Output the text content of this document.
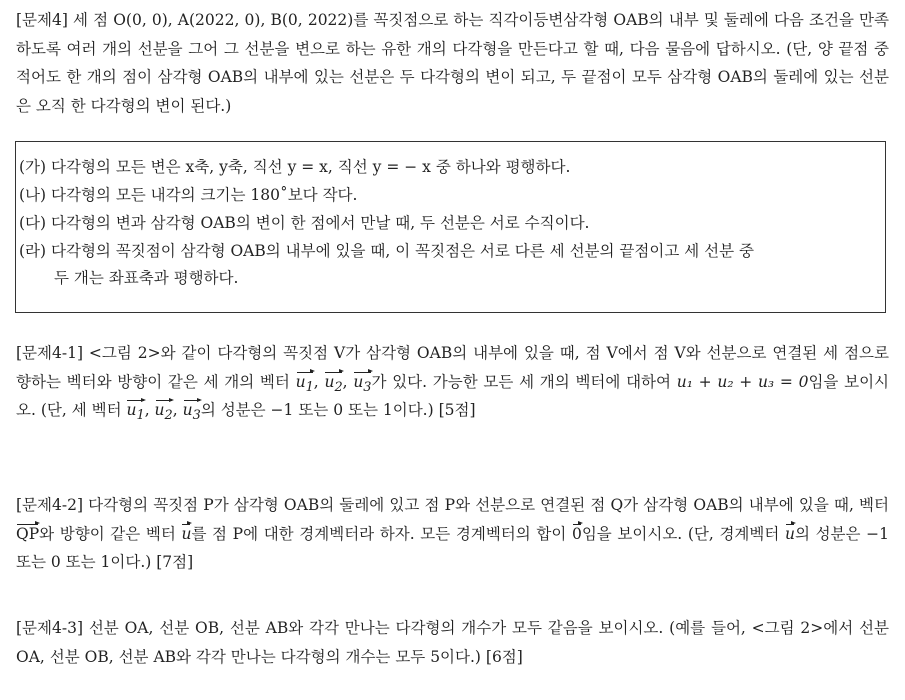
[문제4] 세 점 O(0, 0), A(2022, 0), B(0, 2022)를 꼭짓점으로 하는 직각이등변삼각형 OAB의 내부 및 둘레에 다음 조건을 만족하도록 여러 개의 선분을 그어 그 선분을 변으로 하는 유한 개의 다각형을 만든다고 할 때, 다음 물음에 답하시오. (단, 양 끝점 중 적어도 한 개의 점이 삼각형 OAB의 내부에 있는 선분은 두 다각형의 변이 되고, 두 끝점이 모두 삼각형 OAB의 둘레에 있는 선분은 오직 한 다각형의 변이 된다.)

(가) 다각형의 모든 변은 x축, y축, 직선 y = x, 직선 y = − x 중 하나와 평행하다.
(나) 다각형의 모든 내각의 크기는 180˚보다 작다.
(다) 다각형의 변과 삼각형 OAB의 변이 한 점에서 만날 때, 두 선분은 서로 수직이다.
(라) 다각형의 꼭짓점이 삼각형 OAB의 내부에 있을 때, 이 꼭짓점은 서로 다른 세 선분의 끝점이고 세 선분 중
두 개는 좌표축과 평행하다.

[문제4-1] <그림 2>와 같이 다각형의 꼭짓점 V가 삼각형 OAB의 내부에 있을 때, 점 V에서 점 V와 선분으로 연결된 세 점으로 향하는 벡터와 방향이 같은 세 개의 벡터 $u_1$, $u_2$, $u_3$가 있다. 가능한 모든 세 개의 벡터에 대하여 u₁ + u₂ + u₃ = 0임을 보이시오. (단, 세 벡터 $u_1$, $u_2$, $u_3$의 성분은 −1 또는 0 또는 1이다.) [5점]

[문제4-2] 다각형의 꼭짓점 P가 삼각형 OAB의 둘레에 있고 점 P와 선분으로 연결된 점 Q가 삼각형 OAB의 내부에 있을 때, 벡터 QP와 방향이 같은 벡터 u를 점 P에 대한 경계벡터라 하자. 모든 경계벡터의 합이 0임을 보이시오. (단, 경계벡터 u의 성분은 −1 또는 0 또는 1이다.) [7점]

[문제4-3] 선분 OA, 선분 OB, 선분 AB와 각각 만나는 다각형의 개수가 모두 같음을 보이시오. (예를 들어, <그림 2>에서 선분 OA, 선분 OB, 선분 AB와 각각 만나는 다각형의 개수는 모두 5이다.) [6점]
